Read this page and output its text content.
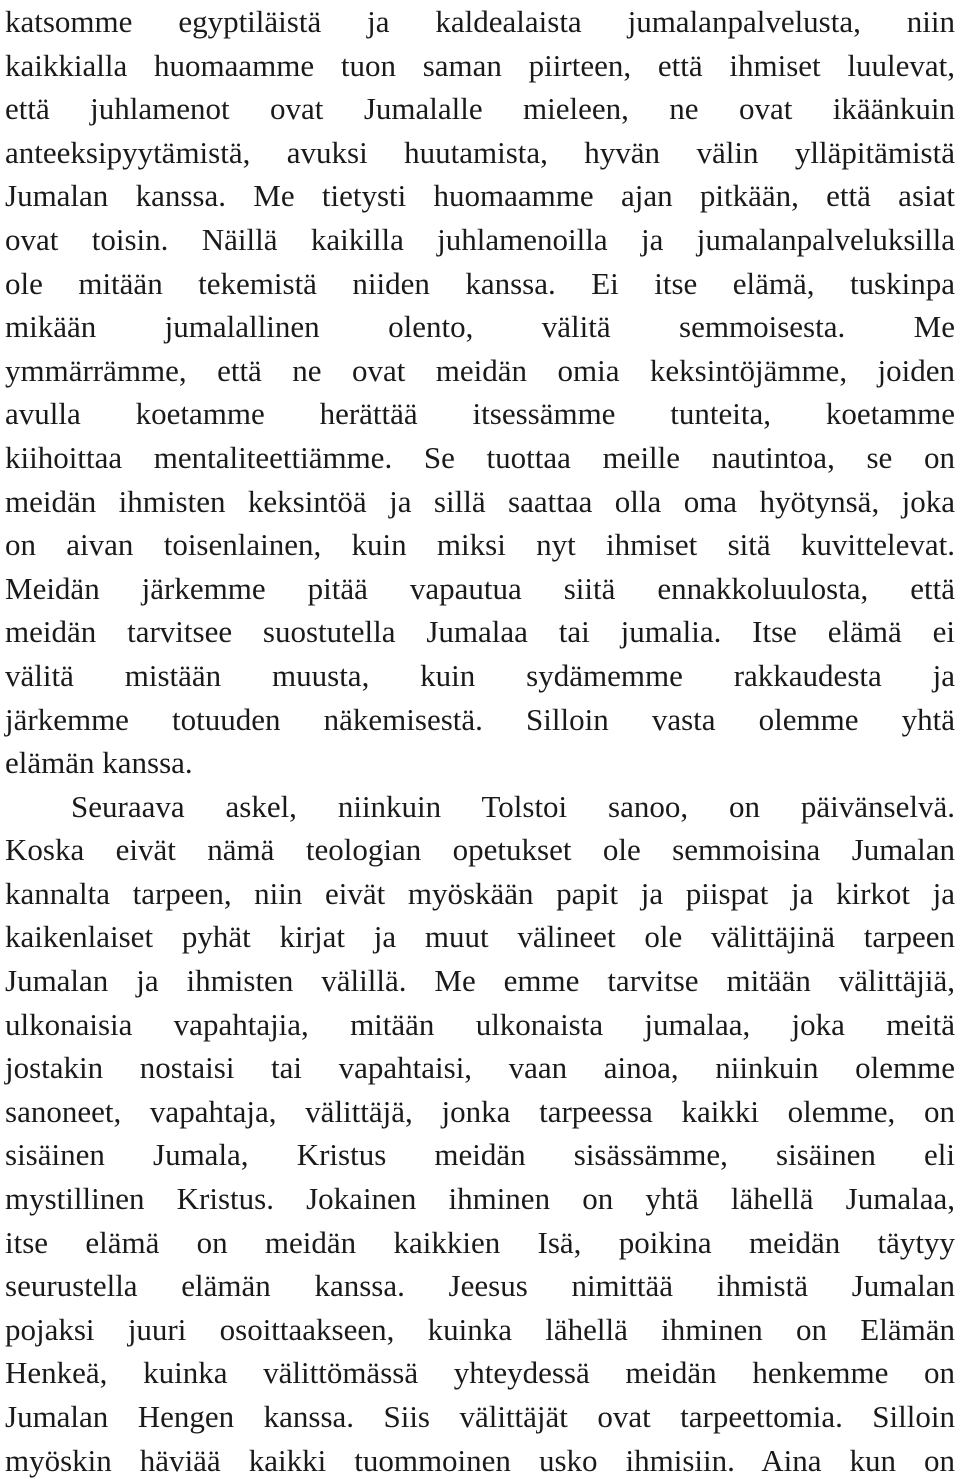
katsomme egyptiläistä ja kaldealaista jumalanpalvelusta, niin
kaikkialla huomaamme tuon saman piirteen, että ihmiset luulevat,
että juhlamenot ovat Jumalalle mieleen, ne ovat ikäänkuin
anteeksipyytämistä, avuksi huutamista, hyvän välin ylläpitämistä
Jumalan kanssa. Me tietysti huomaamme ajan pitkään, että asiat
ovat toisin. Näillä kaikilla juhlamenoilla ja jumalanpalveluksilla
ole mitään tekemistä niiden kanssa. Ei itse elämä, tuskinpa
mikään jumalallinen olento, välitä semmoisesta. Me
ymmärrämme, että ne ovat meidän omia keksintöjämme, joiden
avulla koetamme herättää itsessämme tunteita, koetamme
kiihoittaa mentaliteettiämme. Se tuottaa meille nautintoa, se on
meidän ihmisten keksintöä ja sillä saattaa olla oma hyötynsä, joka
on aivan toisenlainen, kuin miksi nyt ihmiset sitä kuvittelevat.
Meidän järkemme pitää vapautua siitä ennakkoluulosta, että
meidän tarvitsee suostutella Jumalaa tai jumalia. Itse elämä ei
välitä mistään muusta, kuin sydämemme rakkaudesta ja
järkemme totuuden näkemisestä. Silloin vasta olemme yhtä
elämän kanssa.
Seuraava askel, niinkuin Tolstoi sanoo, on päivänselvä.
Koska eivät nämä teologian opetukset ole semmoisina Jumalan
kannalta tarpeen, niin eivät myöskään papit ja piispat ja kirkot ja
kaikenlaiset pyhät kirjat ja muut välineet ole välittäjinä tarpeen
Jumalan ja ihmisten välillä. Me emme tarvitse mitään välittäjiä,
ulkonaisia vapahtajia, mitään ulkonaista jumalaa, joka meitä
jostakin nostaisi tai vapahtaisi, vaan ainoa, niinkuin olemme
sanoneet, vapahtaja, välittäjä, jonka tarpeessa kaikki olemme, on
sisäinen Jumala, Kristus meidän sisässämme, sisäinen eli
mystillinen Kristus. Jokainen ihminen on yhtä lähellä Jumalaa,
itse elämä on meidän kaikkien Isä, poikina meidän täytyy
seurustella elämän kanssa. Jeesus nimittää ihmistä Jumalan
pojaksi juuri osoittaakseen, kuinka lähellä ihminen on Elämän
Henkeä, kuinka välittömässä yhteydessä meidän henkemme on
Jumalan Hengen kanssa. Siis välittäjät ovat tarpeettomia. Silloin
myöskin häviää kaikki tuommoinen usko ihmisiin. Aina kun on
